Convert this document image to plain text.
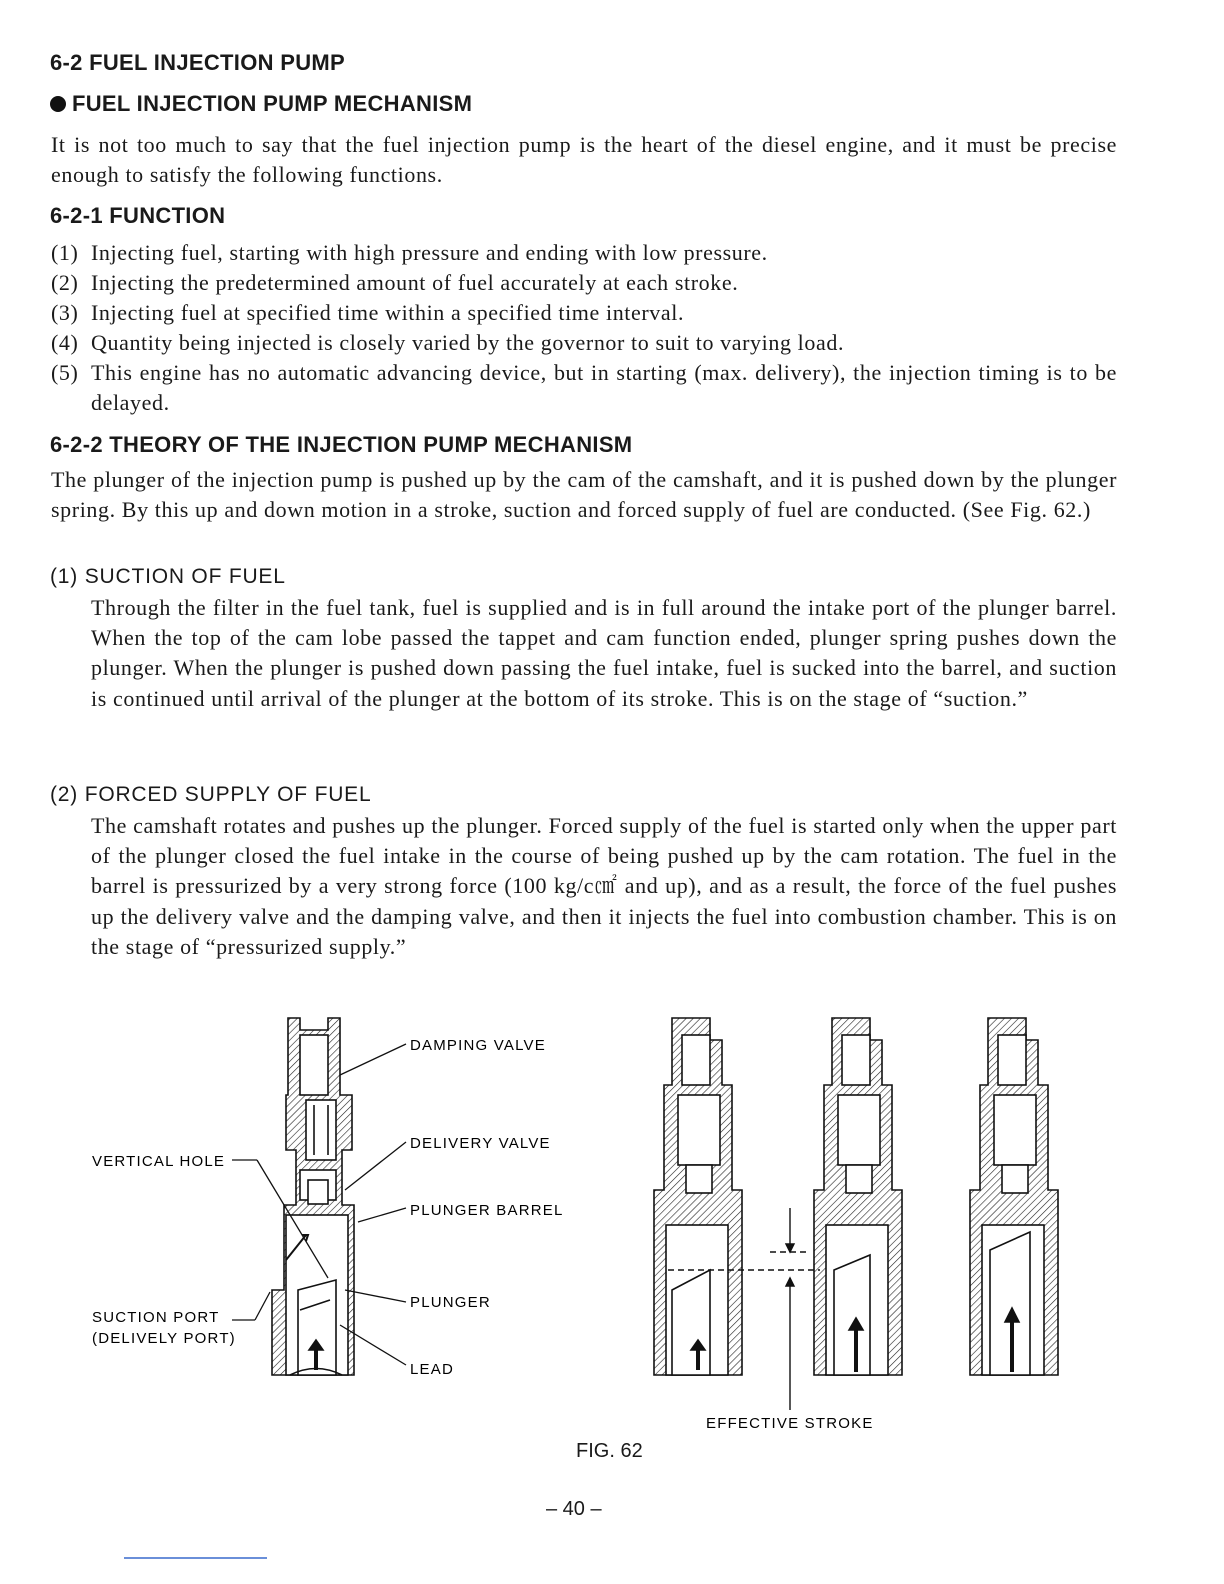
6-2 FUEL INJECTION PUMP
FUEL INJECTION PUMP MECHANISM

It is not too much to say that the fuel injection pump is the heart of the diesel engine, and it must be precise enough to satisfy the following functions.

6-2-1 FUNCTION
(1) Injecting fuel, starting with high pressure and ending with low pressure.
(2) Injecting the predetermined amount of fuel accurately at each stroke.
(3) Injecting fuel at specified time within a specified time interval.
(4) Quantity being injected is closely varied by the governor to suit to varying load.
(5) This engine has no automatic advancing device, but in starting (max. delivery), the injection timing is to be delayed.
6-2-2 THEORY OF THE INJECTION PUMP MECHANISM

The plunger of the injection pump is pushed up by the cam of the camshaft, and it is pushed down by the plunger spring. By this up and down motion in a stroke, suction and forced supply of fuel are conducted. (See Fig. 62.)

(1) SUCTION OF FUEL

Through the filter in the fuel tank, fuel is supplied and is in full around the intake port of the plunger barrel. When the top of the cam lobe passed the tappet and cam function ended, plunger spring pushes down the plunger. When the plunger is pushed down passing the fuel intake, fuel is sucked into the barrel, and suction is continued until arrival of the plunger at the bottom of its stroke. This is on the stage of “suction.”

(2) FORCED SUPPLY OF FUEL

The camshaft rotates and pushes up the plunger. Forced supply of the fuel is started only when the upper part of the plunger closed the fuel intake in the course of being pushed up by the cam rotation. The fuel in the barrel is pressurized by a very strong force (100 kg/c㎠ and up), and as a result, the force of the fuel pushes up the delivery valve and the damping valve, and then it injects the fuel into combustion chamber. This is on the stage of “pressurized supply.”

DAMPING VALVE
DELIVERY VALVE
VERTICAL HOLE
PLUNGER BARREL
PLUNGER
SUCTION PORT
(DELIVELY PORT)
LEAD
EFFECTIVE STROKE
FIG. 62
– 40 –
